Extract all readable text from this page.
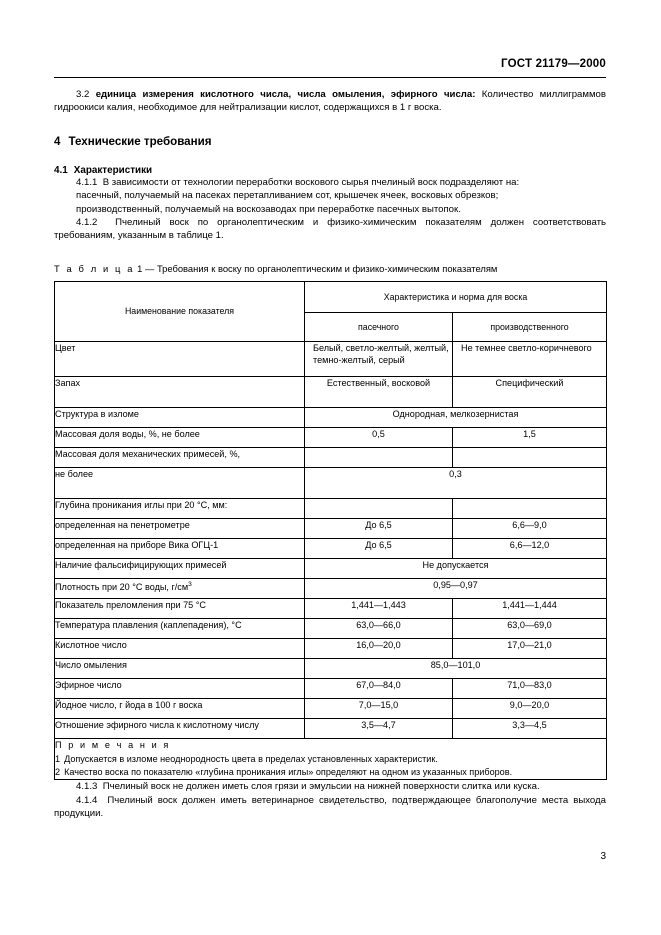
ГОСТ 21179—2000

3.2 единица измерения кислотного числа, числа омыления, эфирного числа: Количество миллиграммов гидроокиси калия, необходимое для нейтрализации кислот, содержащихся в 1 г воска.

4 Технические требования
4.1 Характеристики

4.1.1 В зависимости от технологии переработки воскового сырья пчелиный воск подразделяют на:

пасечный, получаемый на пасеках перетапливанием сот, крышечек ячеек, восковых обрезков;

производственный, получаемый на воскозаводах при переработке пасечных вытопок.

4.1.2 Пчелиный воск по органолептическим и физико-химическим показателям должен соответствовать требованиям, указанным в таблице 1.

Т а б л и ц а 1 — Требования к воску по органолептическим и физико-химическим показателям
Наименование показателя	Характеристика и норма для воска	
	пасечного	производственного
Цвет	Белый, светло-желтый, желтый, темно-желтый, серый	Не темнее светло-коричневого
Запах	Естественный, восковой	Специфический
Структура в изломе	Однородная, мелкозернистая	
Массовая доля воды, %, не более	0,5	1,5
Массовая доля механических примесей, %,		
не более	0,3	
Глубина проникания иглы при 20 °С, мм:		
определенная на пенетрометре	До 6,5	6,6—9,0
определенная на приборе Вика ОГЦ-1	До 6,5	6,6—12,0
Наличие фальсифицирующих примесей	Не допускается	
Плотность при 20 °С воды, $г/см^3$	0,95—0,97	
Показатель преломления при 75 °С	1,441—1,443	1,441—1,444
Температура плавления (каплепадения), °С	63,0—66,0	63,0—69,0
Кислотное число	16,0—20,0	17,0—21,0
Число омыления	85,0—101,0	
Эфирное число	67,0—84,0	71,0—83,0
Йодное число, г йода в 100 г воска	7,0—15,0	9,0—20,0
Отношение эфирного числа к кислотному числу	3,5—4,7	3,3—4,5

П р и м е ч а н и я
1 Допускается в изломе неоднородность цвета в пределах установленных характеристик.
2 Качество воска по показателю «глубина проникания иглы» определяют на одном из указанных приборов.		

4.1.3 Пчелиный воск не должен иметь слоя грязи и эмульсии на нижней поверхности слитка или куска.

4.1.4 Пчелиный воск должен иметь ветеринарное свидетельство, подтверждающее благополучие места выхода продукции.

3
